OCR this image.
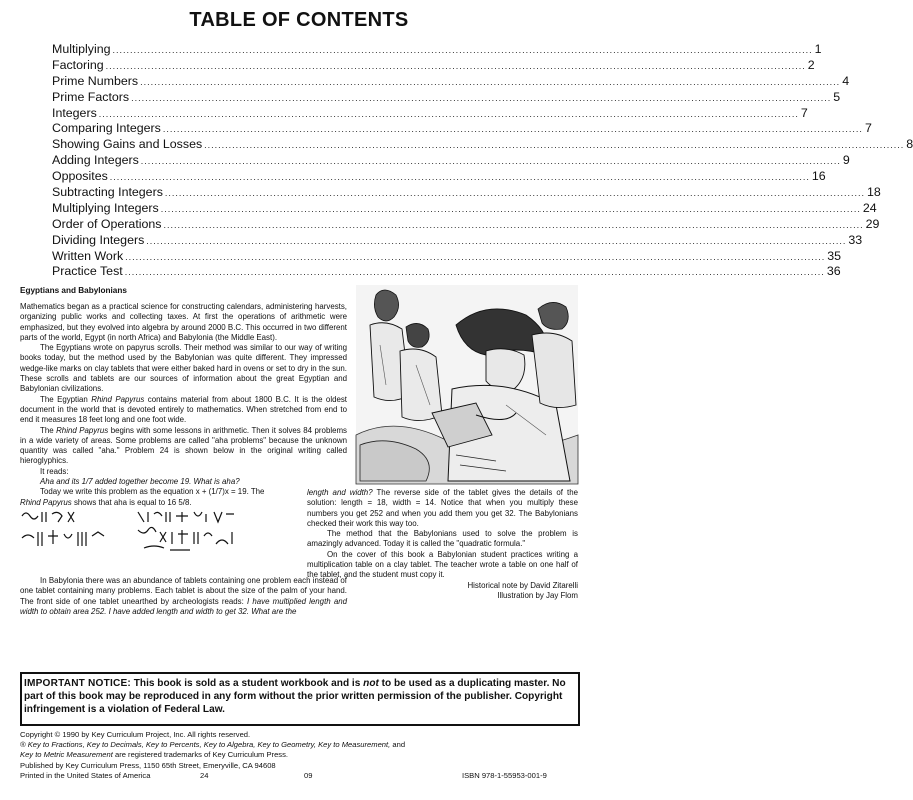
TABLE OF CONTENTS
Multiplying ........................................................................................................................................................................................................ 1
Factoring ........................................................................................................................................................................................................ 2
Prime Numbers ........................................................................................................................................................................................................ 4
Prime Factors ........................................................................................................................................................................................................ 5
Integers ........................................................................................................................................................................................................ 7
Comparing Integers ........................................................................................................................................................................................................ 7
Showing Gains and Losses ........................................................................................................................................................................................................ 8
Adding Integers ........................................................................................................................................................................................................ 9
Opposites ........................................................................................................................................................................................................ 16
Subtracting Integers ........................................................................................................................................................................................................ 18
Multiplying Integers ........................................................................................................................................................................................................ 24
Order of Operations ........................................................................................................................................................................................................ 29
Dividing Integers ........................................................................................................................................................................................................ 33
Written Work ........................................................................................................................................................................................................ 35
Practice Test ........................................................................................................................................................................................................ 36
Egyptians and Babylonians

Mathematics began as a practical science for constructing calendars, administering harvests, organizing public works and collecting taxes. At first the operations of arithmetic were emphasized, but they evolved into algebra by around 2000 B.C. This occurred in two different parts of the world, Egypt (in north Africa) and Babylonia (the Middle East).

The Egyptians wrote on papyrus scrolls. Their method was similar to our way of writing books today, but the method used by the Babylonian was quite different. They impressed wedge-like marks on clay tablets that were either baked hard in ovens or set to dry in the sun. These scrolls and tablets are our sources of information about the great Egyptian and Babylonian civilizations.

The Egyptian Rhind Papyrus contains material from about 1800 B.C. It is the oldest document in the world that is devoted entirely to mathematics. When stretched from end to end it measures 18 feet long and one foot wide.

The Rhind Papyrus begins with some lessons in arithmetic. Then it solves 84 problems in a wide variety of areas. Some problems are called "aha problems" because the unknown quantity was called "aha." Problem 24 is shown below in the original writing called hieroglyphics.

It reads:

Aha and its 1/7 added together become 19. What is aha?

Today we write this problem as the equation x + (1/7)x = 19. The

Rhind Papyrus shows that aha is equal to 16 5/8.

In Babylonia there was an abundance of tablets containing one problem each instead of one tablet containing many problems. Each tablet is about the size of the palm of your hand. The front side of one tablet unearthed by archeologists reads: I have multiplied length and width to obtain area 252. I have added length and width to get 32. What are the

length and width? The reverse side of the tablet gives the details of the solution: length = 18, width = 14. Notice that when you multiply these numbers you get 252 and when you add them you get 32. The Babylonians checked their work this way too.

The method that the Babylonians used to solve the problem is amazingly advanced. Today it is called the "quadratic formula."

On the cover of this book a Babylonian student practices writing a multiplication table on a clay tablet. The teacher wrote a table on one half of the tablet, and the student must copy it.

Historical note by David Zitarelli

Illustration by Jay Flom

IMPORTANT NOTICE: This book is sold as a student workbook and is not to be used as a duplicating master. No part of this book may be reproduced in any form without the prior written permission of the publisher. Copyright infringement is a violation of Federal Law.
Copyright © 1990 by Key Curriculum Project, Inc. All rights reserved.
® Key to Fractions, Key to Decimals, Key to Percents, Key to Algebra, Key to Geometry, Key to Measurement, and
Key to Metric Measurement are registered trademarks of Key Curriculum Press.
Published by Key Curriculum Press, 1150 65th Street, Emeryville, CA 94608
Printed in the United States of America	24	09	ISBN 978-1-55953-001-9
